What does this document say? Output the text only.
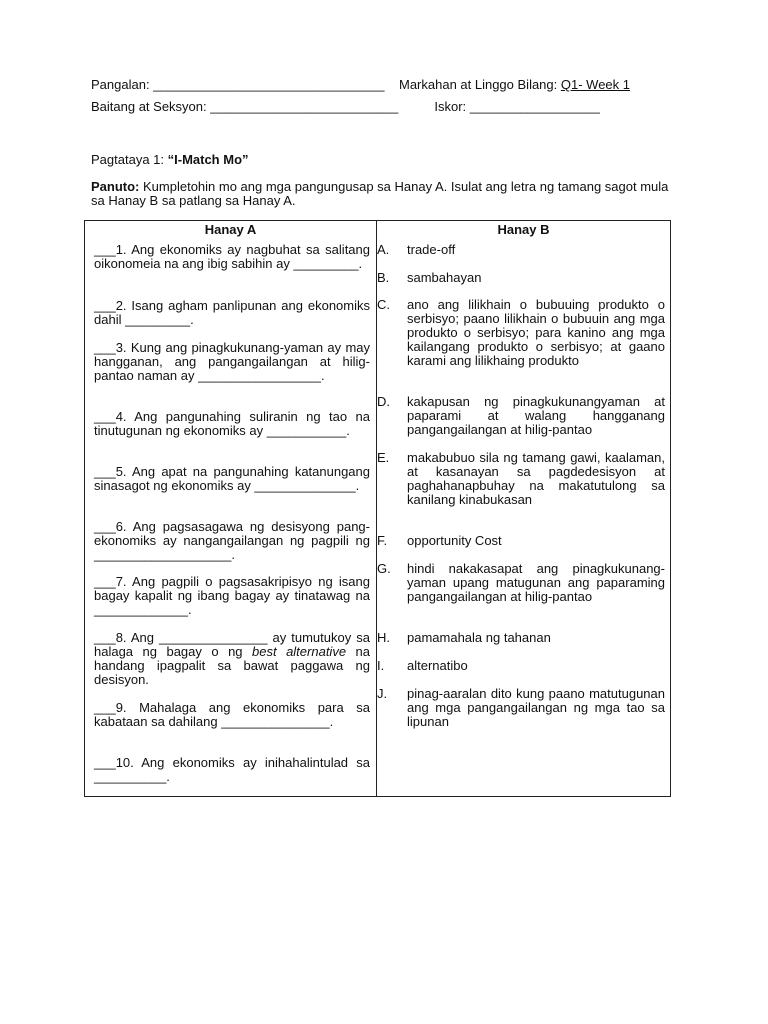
Pangalan: ________________________________ Markahan at Linggo Bilang: Q1- Week 1
Baitang at Seksyon: __________________________	Iskor: __________________
Pagtataya 1: “I-Match Mo”
Panuto: Kumpletohin mo ang mga pangungusap sa Hanay A. Isulat ang letra ng tamang sagot mula sa Hanay B sa patlang sa Hanay A.
Hanay A
___1. Ang ekonomiks ay nagbuhat sa salitang oikonomeia na ang ibig sabihin ay _________.
___2. Isang agham panlipunan ang ekonomiks dahil _________.
___3. Kung ang pinagkukunang-yaman ay may hangganan, ang pangangailangan at hilig-pantao naman ay _________________.
___4. Ang pangunahing suliranin ng tao na tinutugunan ng ekonomiks ay ___________.
___5. Ang apat na pangunahing katanungang sinasagot ng ekonomiks ay ______________.
___6. Ang pagsasagawa ng desisyong pang-ekonomiks ay nangangailangan ng pagpili ng ___________________.
___7. Ang pagpili o pagsasakripisyo ng isang bagay kapalit ng ibang bagay ay tinatawag na _____________.
___8. Ang _______________ ay tumutukoy sa halaga ng bagay o ng best alternative na handang ipagpalit sa bawat paggawa ng desisyon.
___9. Mahalaga ang ekonomiks para sa kabataan sa dahilang _______________.
___10. Ang ekonomiks ay inihahalintulad sa __________.
Hanay B
A.	trade-off
B.	sambahayan
C.	ano ang lilikhain o bubuuing produkto o serbisyo; paano lilikhain o bubuuin ang mga produkto o serbisyo; para kanino ang mga kailangang produkto o serbisyo; at gaano karami ang lilikhaing produkto
D.	kakapusan ng pinagkukunangyaman at paparami at walang hangganang pangangailangan at hilig-pantao
E.	makabubuo sila ng tamang gawi, kaalaman, at kasanayan sa pagdedesisyon at paghahanapbuhay na makatutulong sa kanilang kinabukasan
F.	opportunity Cost
G.	hindi nakakasapat ang pinagkukunang-yaman upang matugunan ang paparaming pangangailangan at hilig-pantao
H.	pamamahala ng tahanan
I.	alternatibo
J.	pinag-aaralan dito kung paano matutugunan ang mga pangangailangan ng mga tao sa lipunan
